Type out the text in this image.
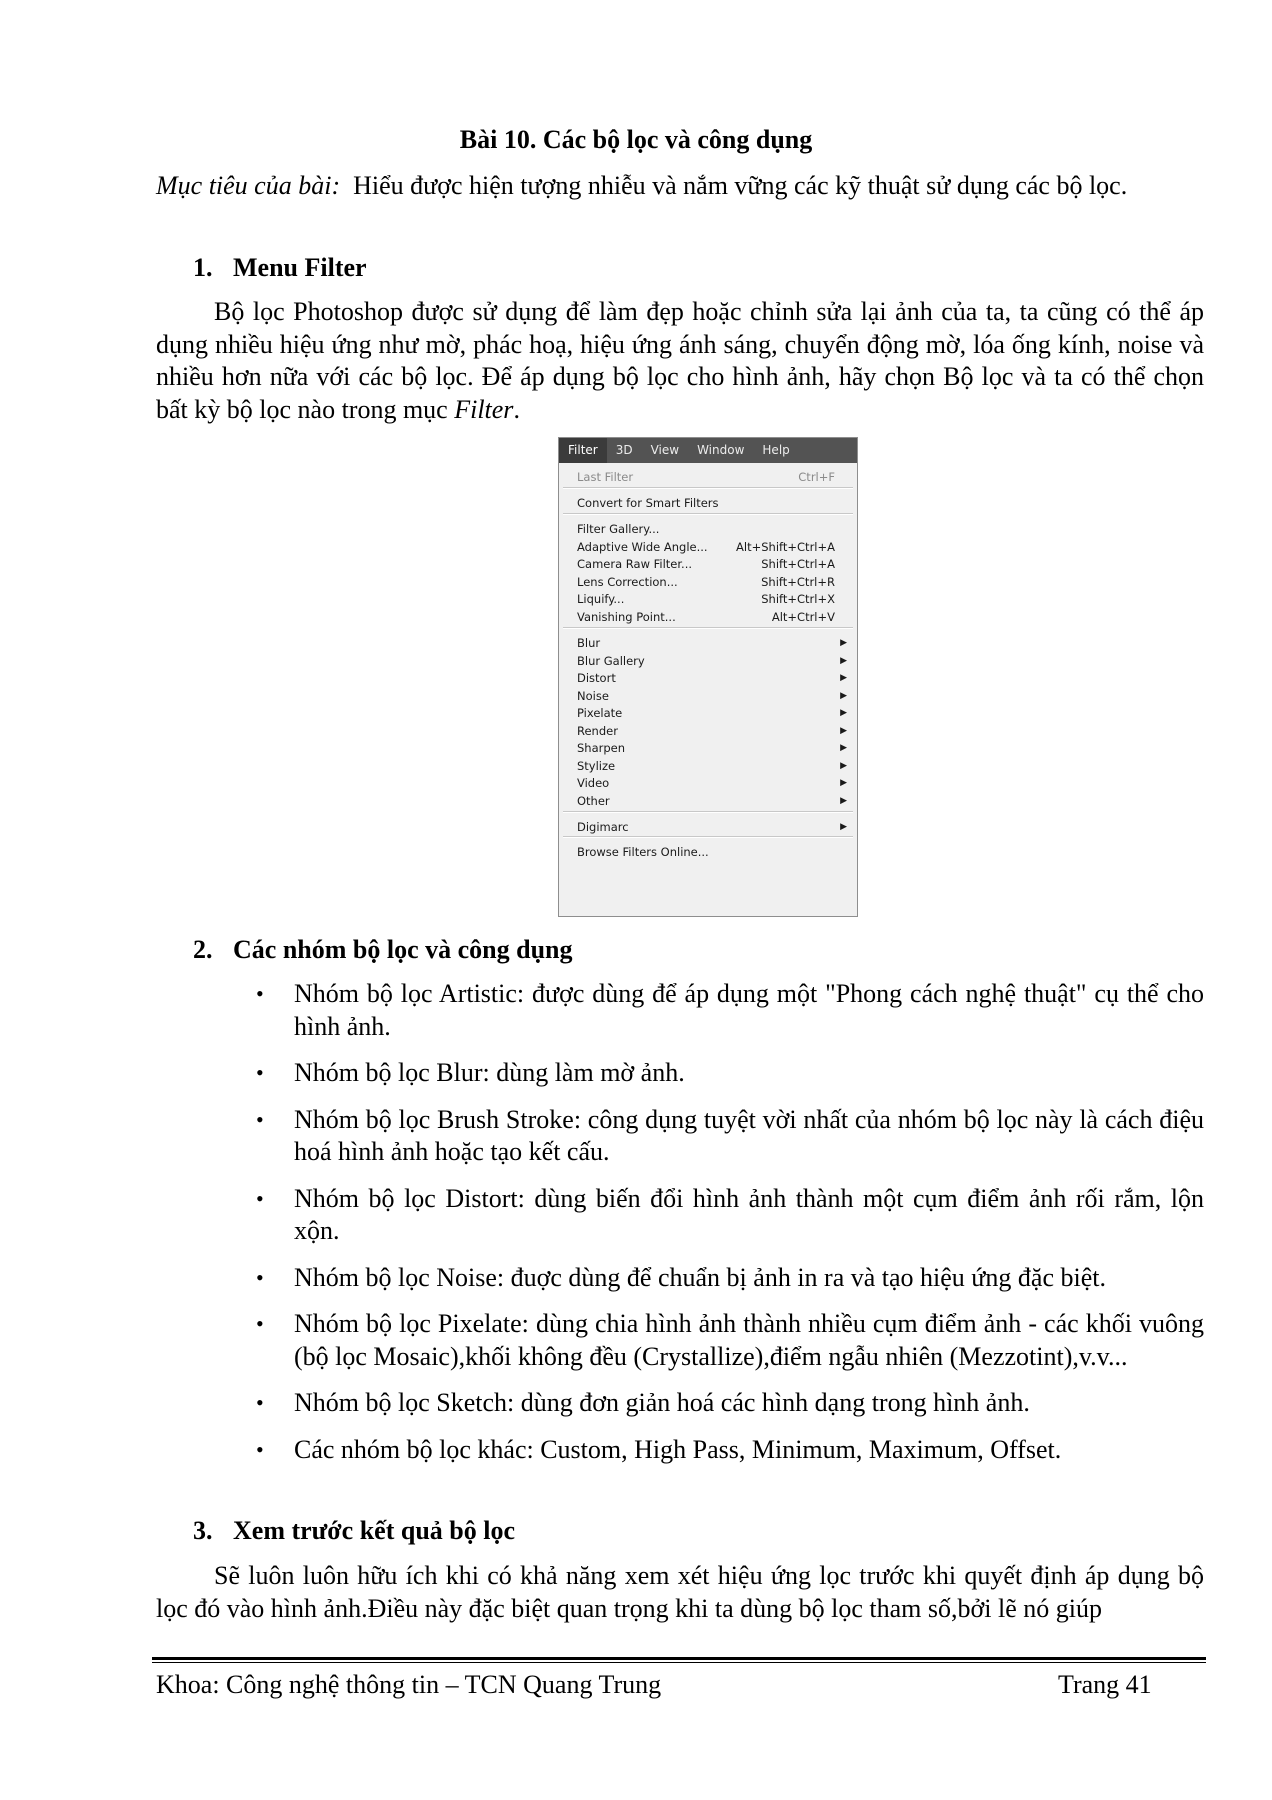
Bài 10. Các bộ lọc và công dụng

Mục tiêu của bài: Hiểu được hiện tượng nhiễu và nắm vững các kỹ thuật sử dụng các bộ lọc.

1. Menu Filter

Bộ lọc Photoshop được sử dụng để làm đẹp hoặc chỉnh sửa lại ảnh của ta, ta cũng có thể áp dụng nhiều hiệu ứng như mờ, phác hoạ, hiệu ứng ánh sáng, chuyển động mờ, lóa ống kính, noise và nhiều hơn nữa với các bộ lọc. Để áp dụng bộ lọc cho hình ảnh, hãy chọn Bộ lọc và ta có thể chọn bất kỳ bộ lọc nào trong mục Filter.

Filter	3D	View	Window	Help
Last Filter	Ctrl+F
Convert for Smart Filters
Filter Gallery...
Adaptive Wide Angle... Alt+Shift+Ctrl+A
Camera Raw Filter...	Shift+Ctrl+A
Lens Correction...	Shift+Ctrl+R
Liquify...	Shift+Ctrl+X
Vanishing Point...	Alt+Ctrl+V
Blur	▶
Blur Gallery	▶
Distort	▶
Noise	▶
Pixelate	▶
Render	▶
Sharpen	▶
Stylize	▶
Video	▶
Other	▶
Digimarc	▶
Browse Filters Online...
2. Các nhóm bộ lọc và công dụng
• Nhóm bộ lọc Artistic: được dùng để áp dụng một "Phong cách nghệ thuật" cụ thể cho hình ảnh.
• Nhóm bộ lọc Blur: dùng làm mờ ảnh.
• Nhóm bộ lọc Brush Stroke: công dụng tuyệt vời nhất của nhóm bộ lọc này là cách điệu hoá hình ảnh hoặc tạo kết cấu.
• Nhóm bộ lọc Distort: dùng biến đổi hình ảnh thành một cụm điểm ảnh rối rắm, lộn xộn.
• Nhóm bộ lọc Noise: đuợc dùng để chuẩn bị ảnh in ra và tạo hiệu ứng đặc biệt.
• Nhóm bộ lọc Pixelate: dùng chia hình ảnh thành nhiều cụm điểm ảnh - các khối vuông (bộ lọc Mosaic),khối không đều (Crystallize),điểm ngẫu nhiên (Mezzotint),v.v...
• Nhóm bộ lọc Sketch: dùng đơn giản hoá các hình dạng trong hình ảnh.
• Các nhóm bộ lọc khác: Custom, High Pass, Minimum, Maximum, Offset.
3. Xem trước kết quả bộ lọc

Sẽ luôn luôn hữu ích khi có khả năng xem xét hiệu ứng lọc trước khi quyết định áp dụng bộ lọc đó vào hình ảnh.Điều này đặc biệt quan trọng khi ta dùng bộ lọc tham số,bởi lẽ nó giúp

Khoa: Công nghệ thông tin – TCN Quang Trung	Trang 41
